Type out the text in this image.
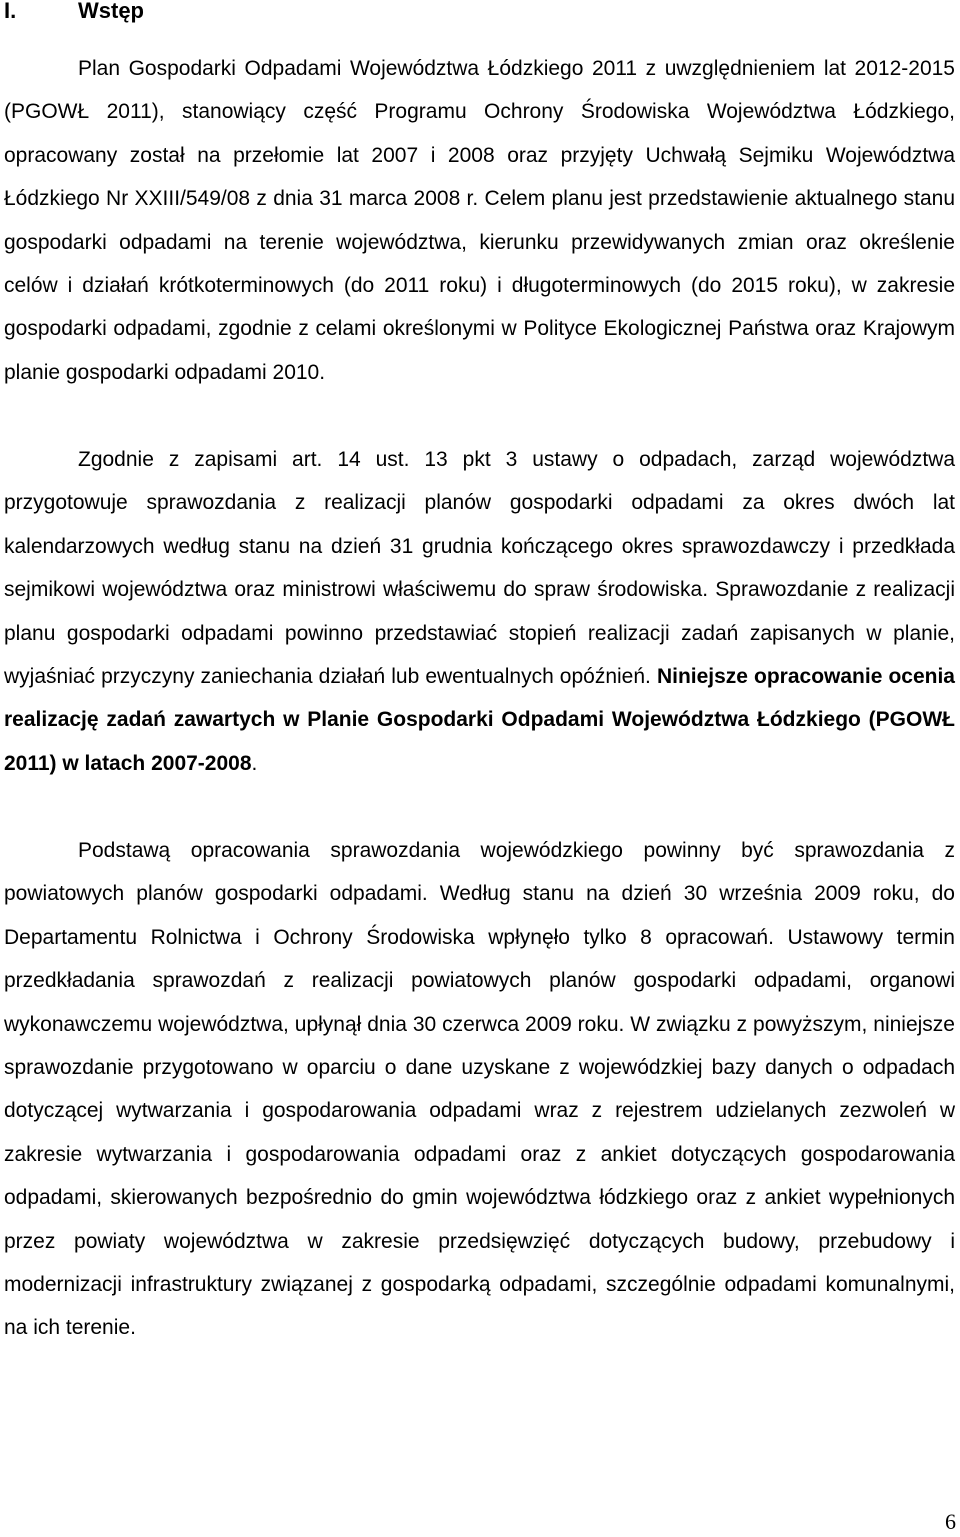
I.	Wstęp

Plan Gospodarki Odpadami Województwa Łódzkiego 2011 z uwzględnieniem lat 2012-2015 (PGOWŁ 2011), stanowiący część Programu Ochrony Środowiska Województwa Łódzkiego, opracowany został na przełomie lat 2007 i 2008 oraz przyjęty Uchwałą Sejmiku Województwa Łódzkiego Nr XXIII/549/08 z dnia 31 marca 2008 r. Celem planu jest przedstawienie aktualnego stanu gospodarki odpadami na terenie województwa, kierunku przewidywanych zmian oraz określenie celów i działań krótkoterminowych (do 2011 roku) i długoterminowych (do 2015 roku), w zakresie gospodarki odpadami, zgodnie z celami określonymi w Polityce Ekologicznej Państwa oraz Krajowym planie gospodarki odpadami 2010.

Zgodnie z zapisami art. 14 ust. 13 pkt 3 ustawy o odpadach, zarząd województwa przygotowuje sprawozdania z realizacji planów gospodarki odpadami za okres dwóch lat kalendarzowych według stanu na dzień 31 grudnia kończącego okres sprawozdawczy i przedkłada sejmikowi województwa oraz ministrowi właściwemu do spraw środowiska. Sprawozdanie z realizacji planu gospodarki odpadami powinno przedstawiać stopień realizacji zadań zapisanych w planie, wyjaśniać przyczyny zaniechania działań lub ewentualnych opóźnień. Niniejsze opracowanie ocenia realizację zadań zawartych w Planie Gospodarki Odpadami Województwa Łódzkiego (PGOWŁ 2011) w latach 2007-2008.

Podstawą opracowania sprawozdania wojewódzkiego powinny być sprawozdania z powiatowych planów gospodarki odpadami. Według stanu na dzień 30 września 2009 roku, do Departamentu Rolnictwa i Ochrony Środowiska wpłynęło tylko 8 opracowań. Ustawowy termin przedkładania sprawozdań z realizacji powiatowych planów gospodarki odpadami, organowi wykonawczemu województwa, upłynął dnia 30 czerwca 2009 roku. W związku z powyższym, niniejsze sprawozdanie przygotowano w oparciu o dane uzyskane z wojewódzkiej bazy danych o odpadach dotyczącej wytwarzania i gospodarowania odpadami wraz z rejestrem udzielanych zezwoleń w zakresie wytwarzania i gospodarowania odpadami oraz z ankiet dotyczących gospodarowania odpadami, skierowanych bezpośrednio do gmin województwa łódzkiego oraz z ankiet wypełnionych przez powiaty województwa w zakresie przedsięwzięć dotyczących budowy, przebudowy i modernizacji infrastruktury związanej z gospodarką odpadami, szczególnie odpadami komunalnymi, na ich terenie.

6
